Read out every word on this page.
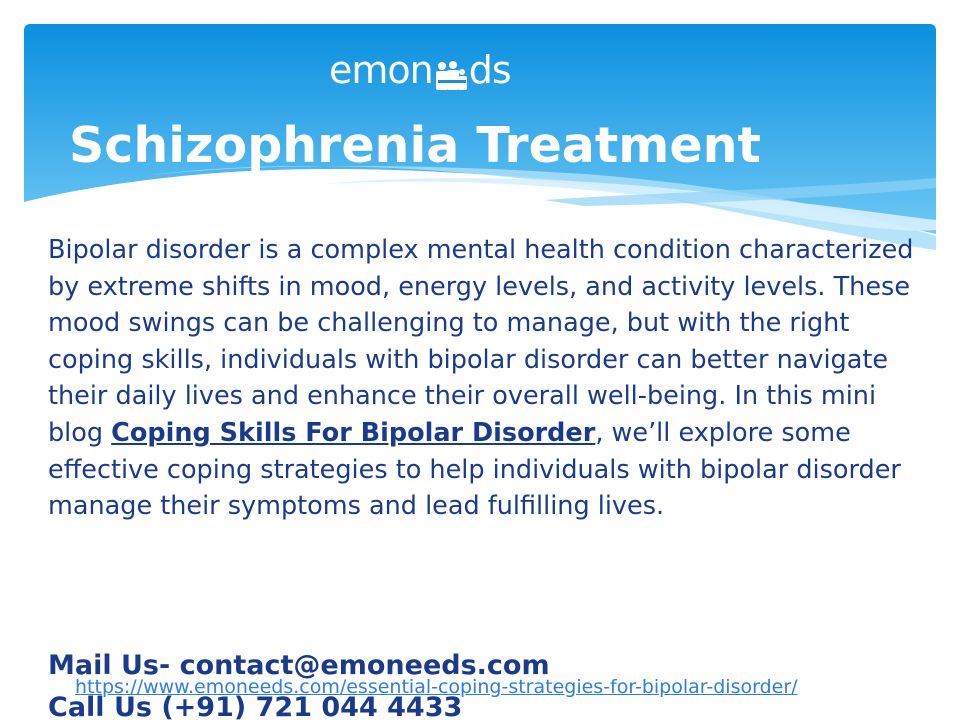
emon ds
Schizophrenia Treatment

Bipolar disorder is a complex mental health condition characterized by extreme shifts in mood, energy levels, and activity levels. These mood swings can be challenging to manage, but with the right coping skills, individuals with bipolar disorder can better navigate their daily lives and enhance their overall well-being. In this mini blog Coping Skills For Bipolar Disorder, we’ll explore some effective coping strategies to help individuals with bipolar disorder manage their symptoms and lead fulfilling lives.

Mail Us- contact@emoneeds.com

Call Us (+91) 721 044 4433

https://www.emoneeds.com/essential-coping-strategies-for-bipolar-disorder/
